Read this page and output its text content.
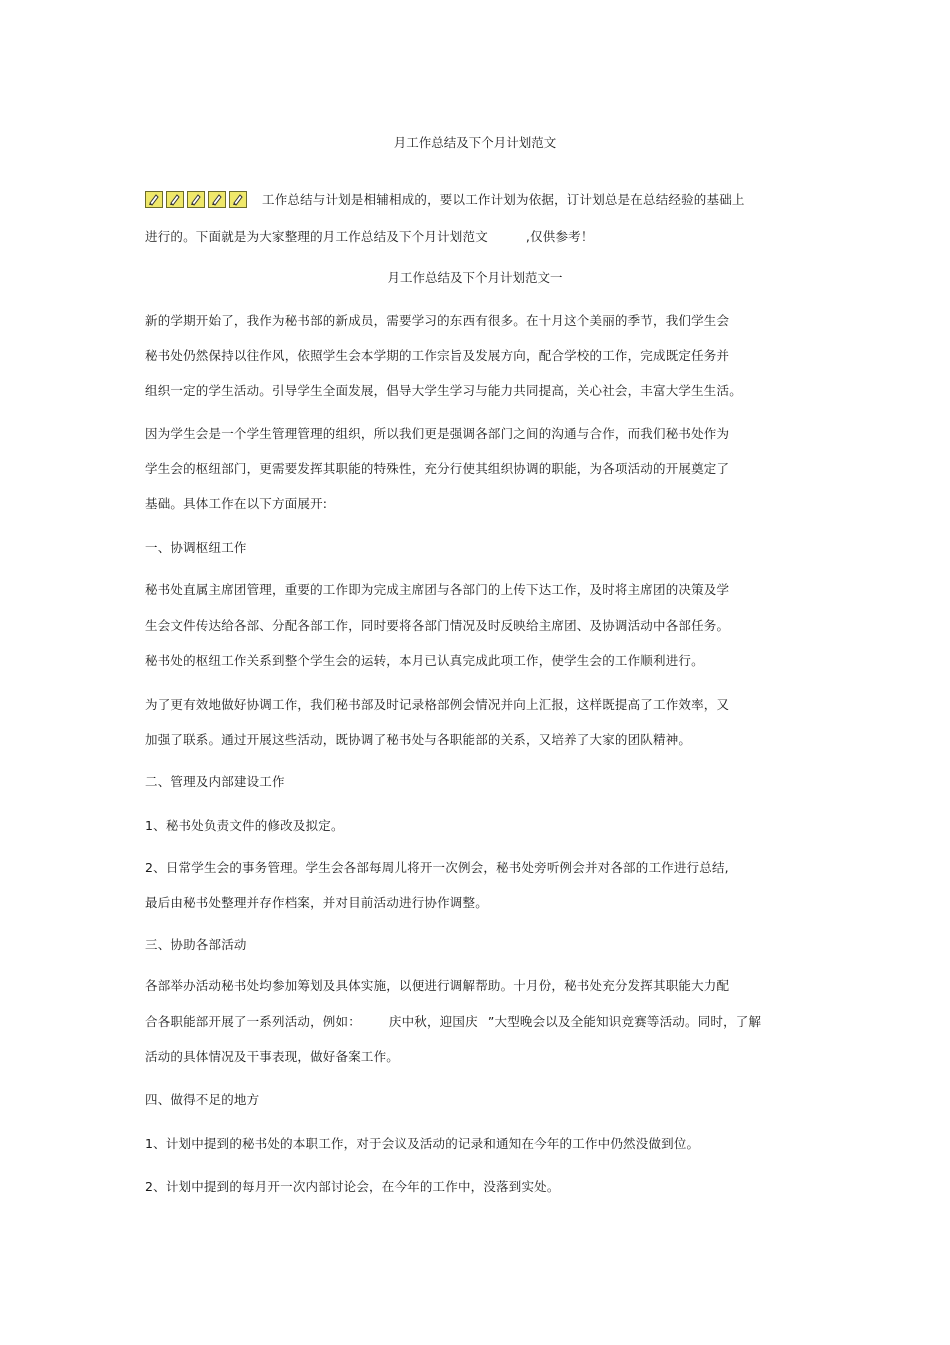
月工作总结及下个月计划范文
工作总结与计划是相辅相成的，要以工作计划为依据，订计划总是在总结经验的基础上
进行的。下面就是为大家整理的月工作总结及下个月计划范文	,仅供参考！
月工作总结及下个月计划范文一
新的学期开始了，我作为秘书部的新成员，需要学习的东西有很多。在十月这个美丽的季节，我们学生会
秘书处仍然保持以往作风，依照学生会本学期的工作宗旨及发展方向，配合学校的工作，完成既定任务并
组织一定的学生活动。引导学生全面发展，倡导大学生学习与能力共同提高，关心社会，丰富大学生生活。
因为学生会是一个学生管理管理的组织，所以我们更是强调各部门之间的沟通与合作，而我们秘书处作为
学生会的枢纽部门，更需要发挥其职能的特殊性，充分行使其组织协调的职能，为各项活动的开展奠定了
基础。具体工作在以下方面展开:
一、协调枢纽工作
秘书处直属主席团管理，重要的工作即为完成主席团与各部门的上传下达工作，及时将主席团的决策及学
生会文件传达给各部、分配各部工作，同时要将各部门情况及时反映给主席团、及协调活动中各部任务。
秘书处的枢纽工作关系到整个学生会的运转，本月已认真完成此项工作，使学生会的工作顺利进行。
为了更有效地做好协调工作，我们秘书部及时记录格部例会情况并向上汇报，这样既提高了工作效率，又
加强了联系。通过开展这些活动，既协调了秘书处与各职能部的关系，又培养了大家的团队精神。
二、管理及内部建设工作
1、秘书处负责文件的修改及拟定。
2、日常学生会的事务管理。学生会各部每周儿将开一次例会，秘书处旁听例会并对各部的工作进行总结,
最后由秘书处整理并存作档案，并对目前活动进行协作调整。
三、协助各部活动
各部举办活动秘书处均参加筹划及具体实施，以便进行调解帮助。十月份，秘书处充分发挥其职能大力配
合各职能部开展了一系列活动，例如： 庆中秋，迎国庆 ”大型晚会以及全能知识竞赛等活动。同时，了解
活动的具体情况及干事表现，做好备案工作。
四、做得不足的地方
1、计划中提到的秘书处的本职工作，对于会议及活动的记录和通知在今年的工作中仍然没做到位。
2、计划中提到的每月开一次内部讨论会，在今年的工作中，没落到实处。
